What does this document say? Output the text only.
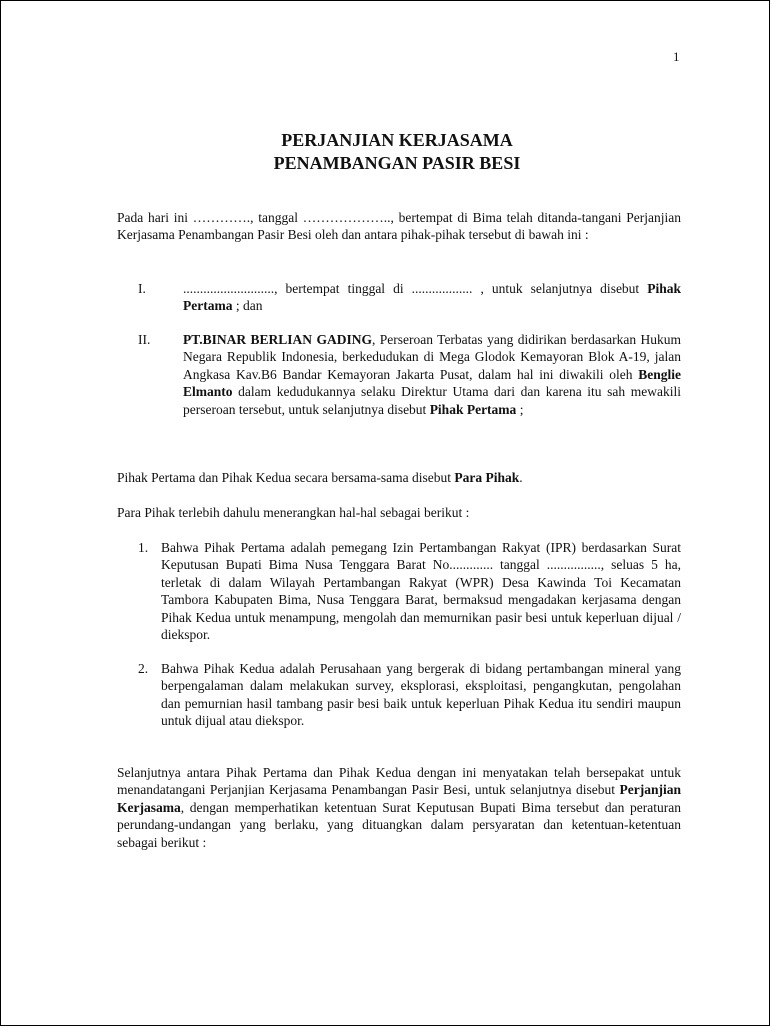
1
PERJANJIAN KERJASAMA
PENAMBANGAN PASIR BESI
Pada hari ini …………., tanggal ……………….., bertempat di Bima telah ditanda-tangani Perjanjian Kerjasama Penambangan Pasir Besi oleh dan antara pihak-pihak tersebut di bawah ini :
I.	..........................., bertempat tinggal di .................. , untuk selanjutnya disebut Pihak Pertama ; dan
II. PT.BINAR BERLIAN GADING, Perseroan Terbatas yang didirikan berdasarkan Hukum Negara Republik Indonesia, berkedudukan di Mega Glodok Kemayoran Blok A-19, jalan Angkasa Kav.B6 Bandar Kemayoran Jakarta Pusat, dalam hal ini diwakili oleh Benglie Elmanto dalam kedudukannya selaku Direktur Utama dari dan karena itu sah mewakili perseroan tersebut, untuk selanjutnya disebut Pihak Pertama ;
Pihak Pertama dan Pihak Kedua secara bersama-sama disebut Para Pihak.
Para Pihak terlebih dahulu menerangkan hal-hal sebagai berikut :
1. Bahwa Pihak Pertama adalah pemegang Izin Pertambangan Rakyat (IPR) berdasarkan Surat Keputusan Bupati Bima Nusa Tenggara Barat No............. tanggal ................, seluas 5 ha, terletak di dalam Wilayah Pertambangan Rakyat (WPR) Desa Kawinda Toi Kecamatan Tambora Kabupaten Bima, Nusa Tenggara Barat, bermaksud mengadakan kerjasama dengan Pihak Kedua untuk menampung, mengolah dan memurnikan pasir besi untuk keperluan dijual / diekspor.
2. Bahwa Pihak Kedua adalah Perusahaan yang bergerak di bidang pertambangan mineral yang berpengalaman dalam melakukan survey, eksplorasi, eksploitasi, pengangkutan, pengolahan dan pemurnian hasil tambang pasir besi baik untuk keperluan Pihak Kedua itu sendiri maupun untuk dijual atau diekspor.
Selanjutnya antara Pihak Pertama dan Pihak Kedua dengan ini menyatakan telah bersepakat untuk menandatangani Perjanjian Kerjasama Penambangan Pasir Besi, untuk selanjutnya disebut Perjanjian Kerjasama, dengan memperhatikan ketentuan Surat Keputusan Bupati Bima tersebut dan peraturan perundang-undangan yang berlaku, yang dituangkan dalam persyaratan dan ketentuan-ketentuan sebagai berikut :
